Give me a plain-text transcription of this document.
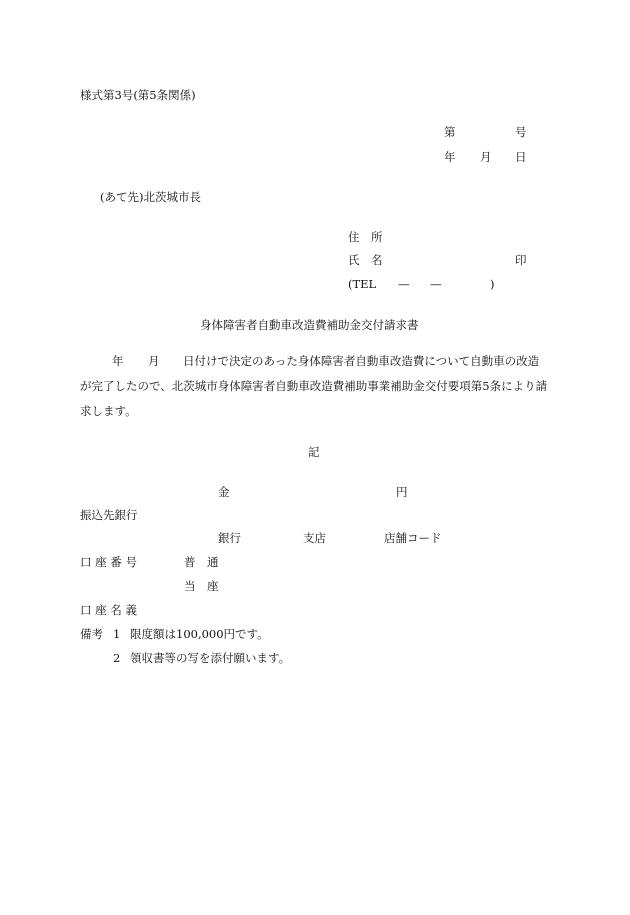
様式第3号(第5条関係)
第	号
年 月 日
(あて先)北茨城市長
住　所
氏　名	印
(TEL — —	)
身体障害者自動車改造費補助金交付請求書
年 月 日付けで決定のあった身体障害者自動車改造費について自動車の改造
が完了したので、北茨城市身体障害者自動車改造費補助事業補助金交付要項第5条により請
求します。
記
金	円
振込先銀行
銀行	支店	店舗コード
口 座 番 号	普　通
当　座
口 座 名 義
備考 1 限度額は100,000円です。
2 領収書等の写を添付願います。
